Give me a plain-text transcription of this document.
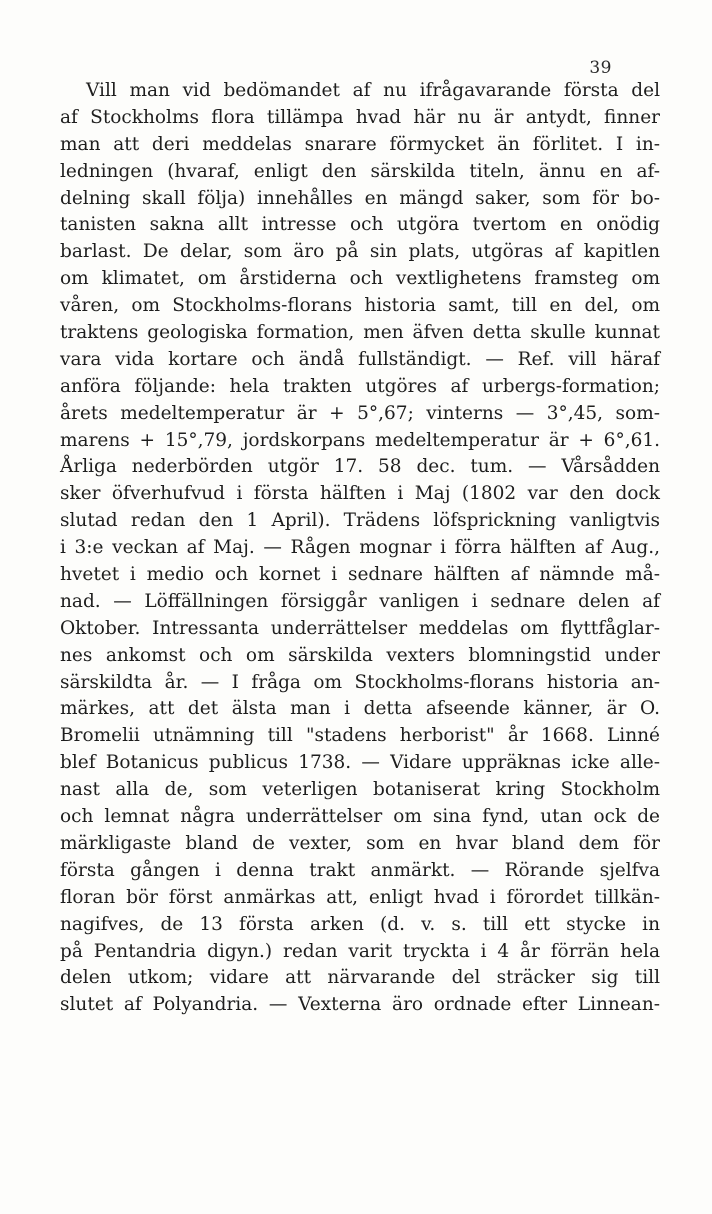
39
Vill man vid bedömandet af nu ifrågavarande första del
af Stockholms flora tillämpa hvad här nu är antydt, finner
man att deri meddelas snarare förmycket än förlitet. I in-
ledningen (hvaraf, enligt den särskilda titeln, ännu en af-
delning skall följa) innehålles en mängd saker, som för bo-
tanisten sakna allt intresse och utgöra tvertom en onödig
barlast. De delar, som äro på sin plats, utgöras af kapitlen
om klimatet, om årstiderna och vextlighetens framsteg om
våren, om Stockholms-florans historia samt, till en del, om
traktens geologiska formation, men äfven detta skulle kunnat
vara vida kortare och ändå fullständigt. — Ref. vill häraf
anföra följande: hela trakten utgöres af urbergs-formation;
årets medeltemperatur är + 5°,67; vinterns — 3°,45, som-
marens + 15°,79, jordskorpans medeltemperatur är + 6°,61.
Årliga nederbörden utgör 17. 58 dec. tum. — Vårsådden
sker öfverhufvud i första hälften i Maj (1802 var den dock
slutad redan den 1 April). Trädens löfsprickning vanligtvis
i 3:e veckan af Maj. — Rågen mognar i förra hälften af Aug.,
hvetet i medio och kornet i sednare hälften af nämnde må-
nad. — Löffällningen försiggår vanligen i sednare delen af
Oktober. Intressanta underrättelser meddelas om flyttfåglar-
nes ankomst och om särskilda vexters blomningstid under
särskildta år. — I fråga om Stockholms-florans historia an-
märkes, att det älsta man i detta afseende känner, är O.
Bromelii utnämning till "stadens herborist" år 1668. Linné
blef Botanicus publicus 1738. — Vidare uppräknas icke alle-
nast alla de, som veterligen botaniserat kring Stockholm
och lemnat några underrättelser om sina fynd, utan ock de
märkligaste bland de vexter, som en hvar bland dem för
första gången i denna trakt anmärkt. — Rörande sjelfva
floran bör först anmärkas att, enligt hvad i förordet tillkän-
nagifves, de 13 första arken (d. v. s. till ett stycke in
på Pentandria digyn.) redan varit tryckta i 4 år förrän hela
delen utkom; vidare att närvarande del sträcker sig till
slutet af Polyandria. — Vexterna äro ordnade efter Linnean-
